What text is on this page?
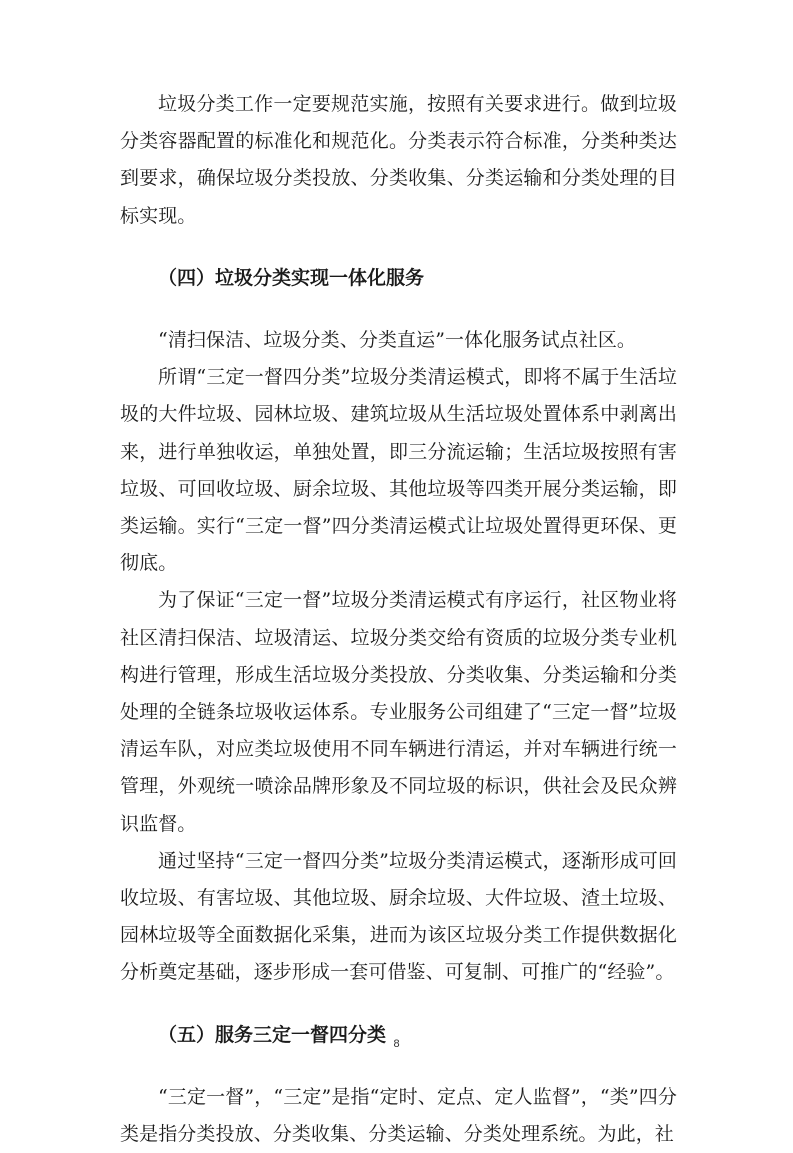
垃圾分类工作一定要规范实施，按照有关要求进行。做到垃圾分类容器配置的标准化和规范化。分类表示符合标准，分类种类达到要求，确保垃圾分类投放、分类收集、分类运输和分类处理的目标实现。

（四）垃圾分类实现一体化服务

“清扫保洁、垃圾分类、分类直运”一体化服务试点社区。

所谓“三定一督四分类”垃圾分类清运模式，即将不属于生活垃圾的大件垃圾、园林垃圾、建筑垃圾从生活垃圾处置体系中剥离出来，进行单独收运，单独处置，即三分流运输；生活垃圾按照有害垃圾、可回收垃圾、厨余垃圾、其他垃圾等四类开展分类运输，即类运输。实行“三定一督”四分类清运模式让垃圾处置得更环保、更彻底。

为了保证“三定一督”垃圾分类清运模式有序运行，社区物业将社区清扫保洁、垃圾清运、垃圾分类交给有资质的垃圾分类专业机构进行管理，形成生活垃圾分类投放、分类收集、分类运输和分类处理的全链条垃圾收运体系。专业服务公司组建了“三定一督”垃圾清运车队，对应类垃圾使用不同车辆进行清运，并对车辆进行统一管理，外观统一喷涂品牌形象及不同垃圾的标识，供社会及民众辨识监督。

通过坚持“三定一督四分类”垃圾分类清运模式，逐渐形成可回收垃圾、有害垃圾、其他垃圾、厨余垃圾、大件垃圾、渣土垃圾、园林垃圾等全面数据化采集，进而为该区垃圾分类工作提供数据化分析奠定基础，逐步形成一套可借鉴、可复制、可推广的“经验”。

（五）服务三定一督四分类

“三定一督”，“三定”是指“定时、定点、定人监督”，“类”四分类是指分类投放、分类收集、分类运输、分类处理系统。为此，社

8
